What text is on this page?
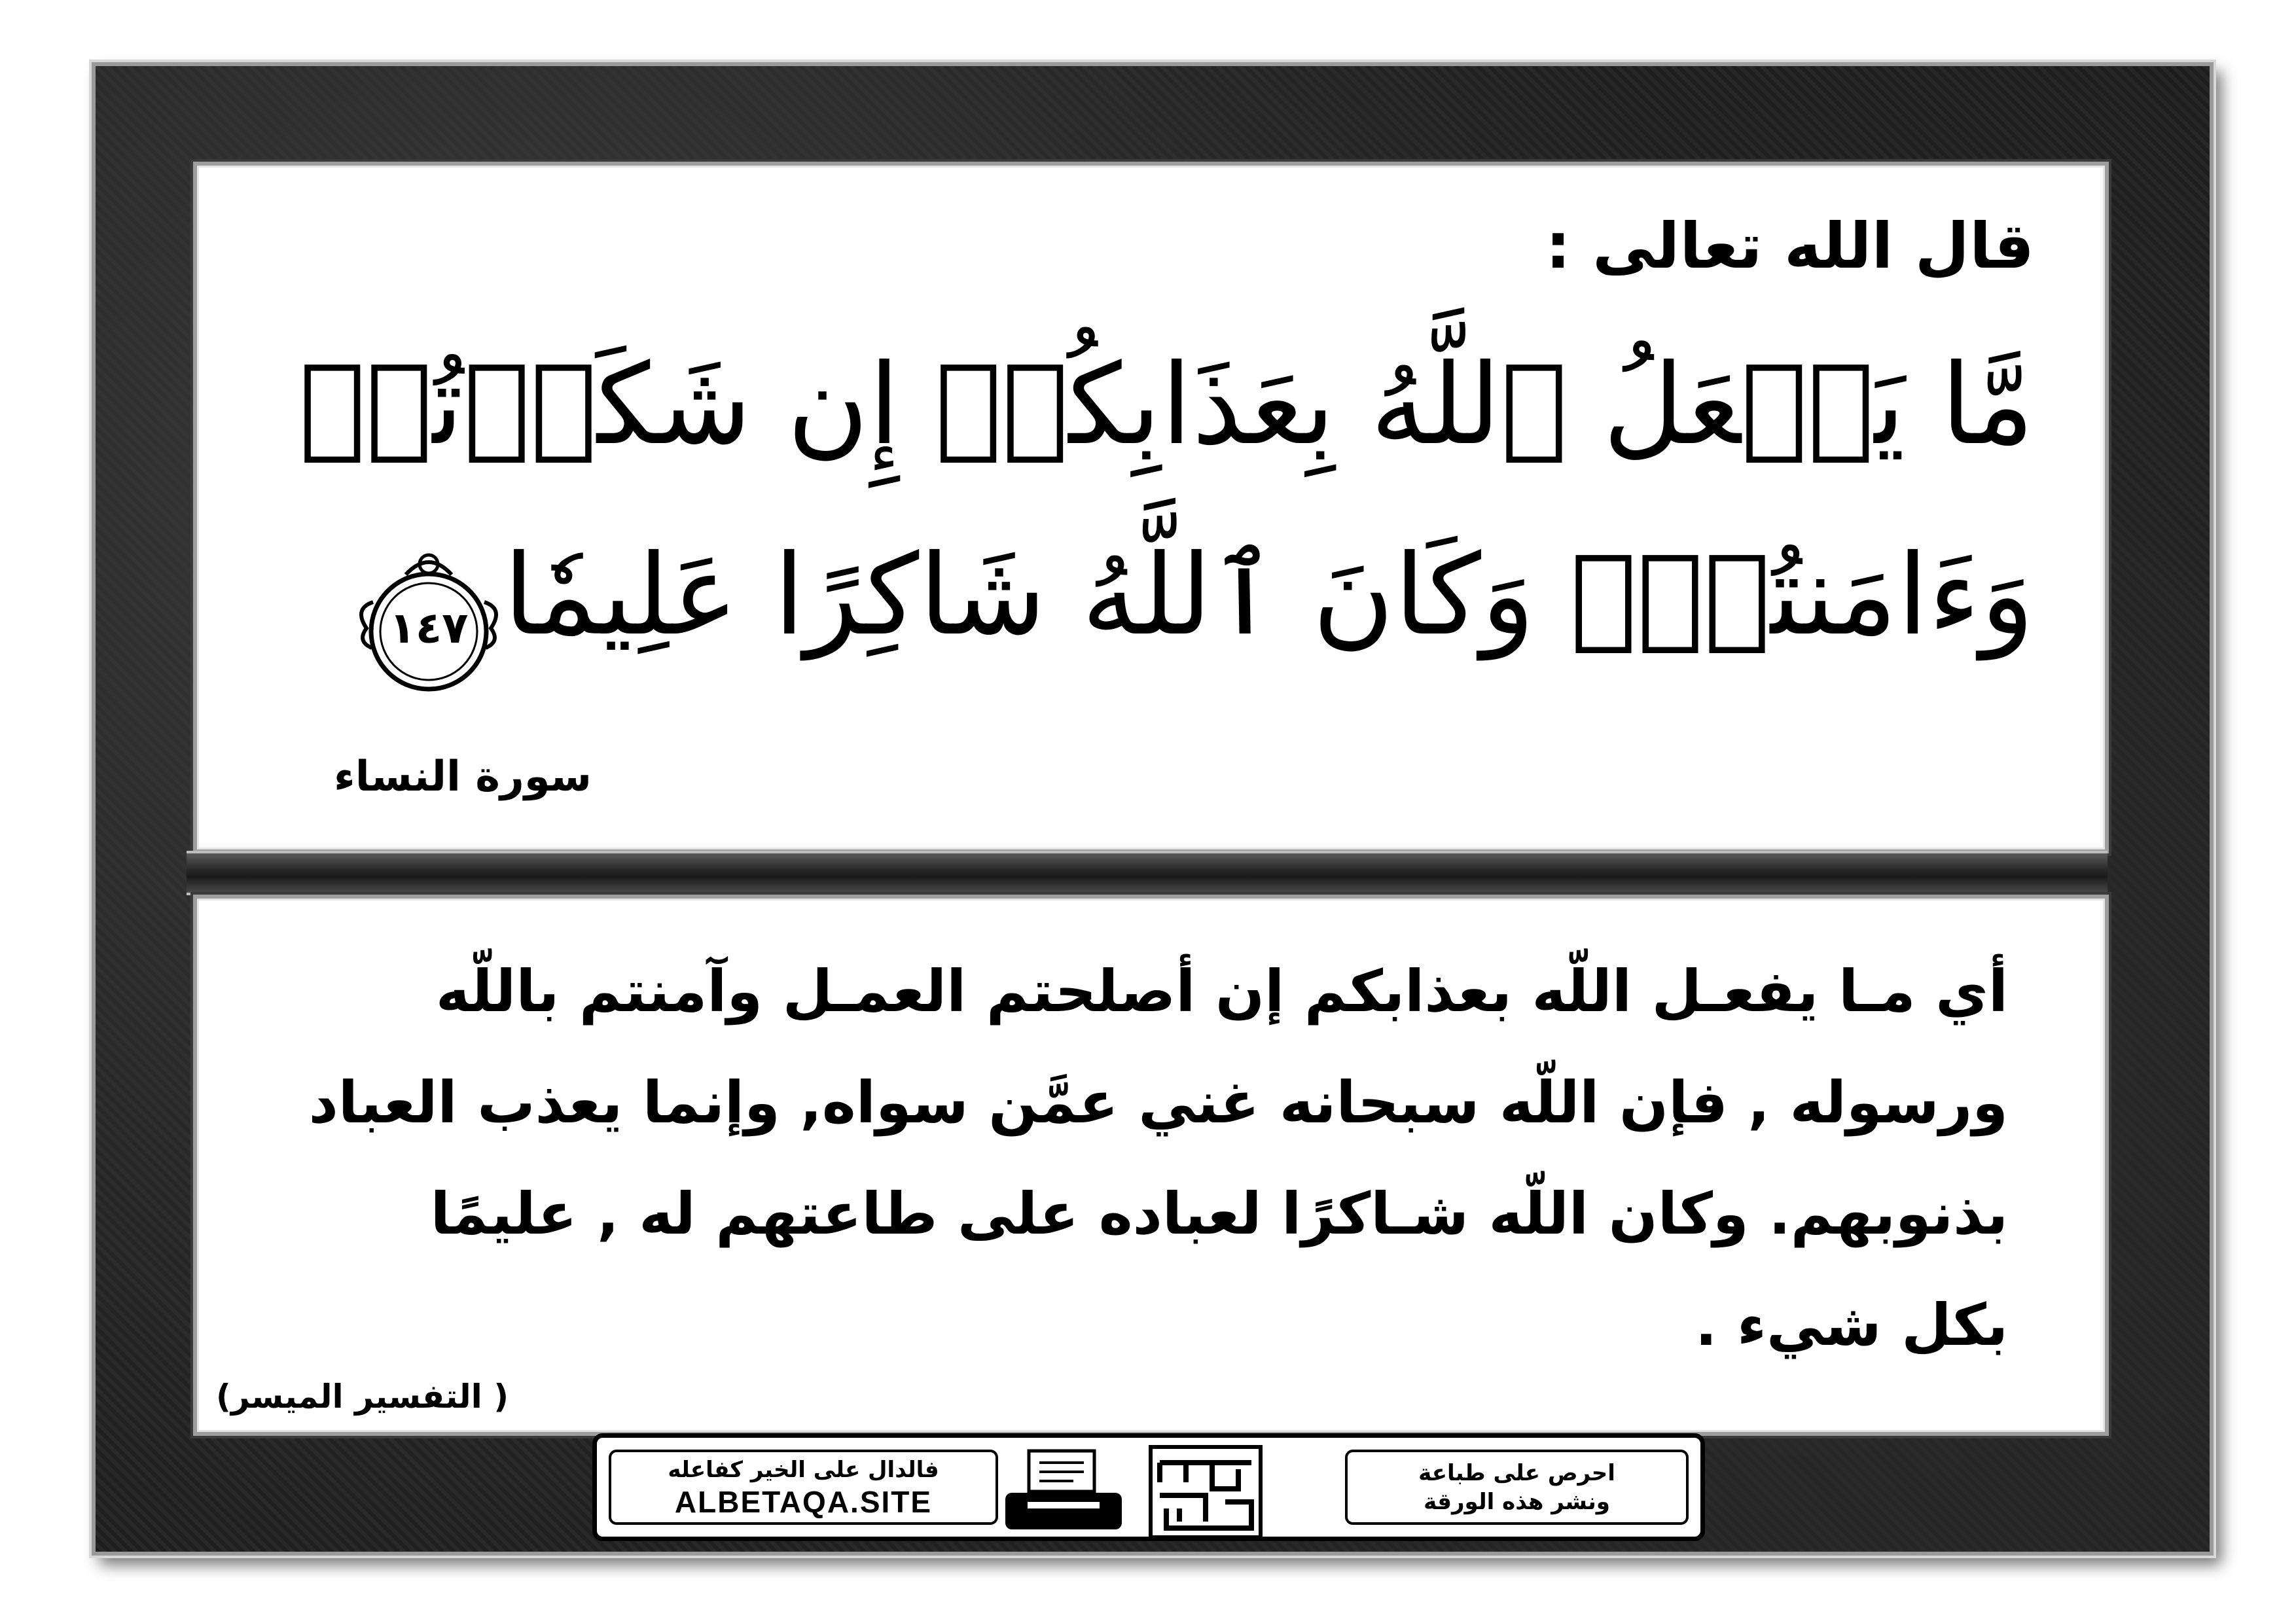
قال الله تعالى :
مَّا يَفۡعَلُ ٱللَّهُ بِعَذَابِكُمۡ إِن شَكَرۡتُمۡ
وَءَامَنتُمۡۚ وَكَانَ ٱللَّهُ شَاكِرًا عَلِيمٗا
١٤٧
سورة النساء
أي مـا يفعـل اللّه بعذابكم إن أصلحتم العمـل وآمنتم باللّه
ورسوله , فإن اللّه سبحانه غني عمَّن سواه, وإنما يعذب العباد
بذنوبهم. وكان اللّه شـاكرًا لعباده على طاعتهم له , عليمًا
بكل شيء .
( التفسير الميسر)
فالدال على الخير كفاعله
ALBETAQA.SITE
احرص على طباعة
ونشر هذه الورقة
